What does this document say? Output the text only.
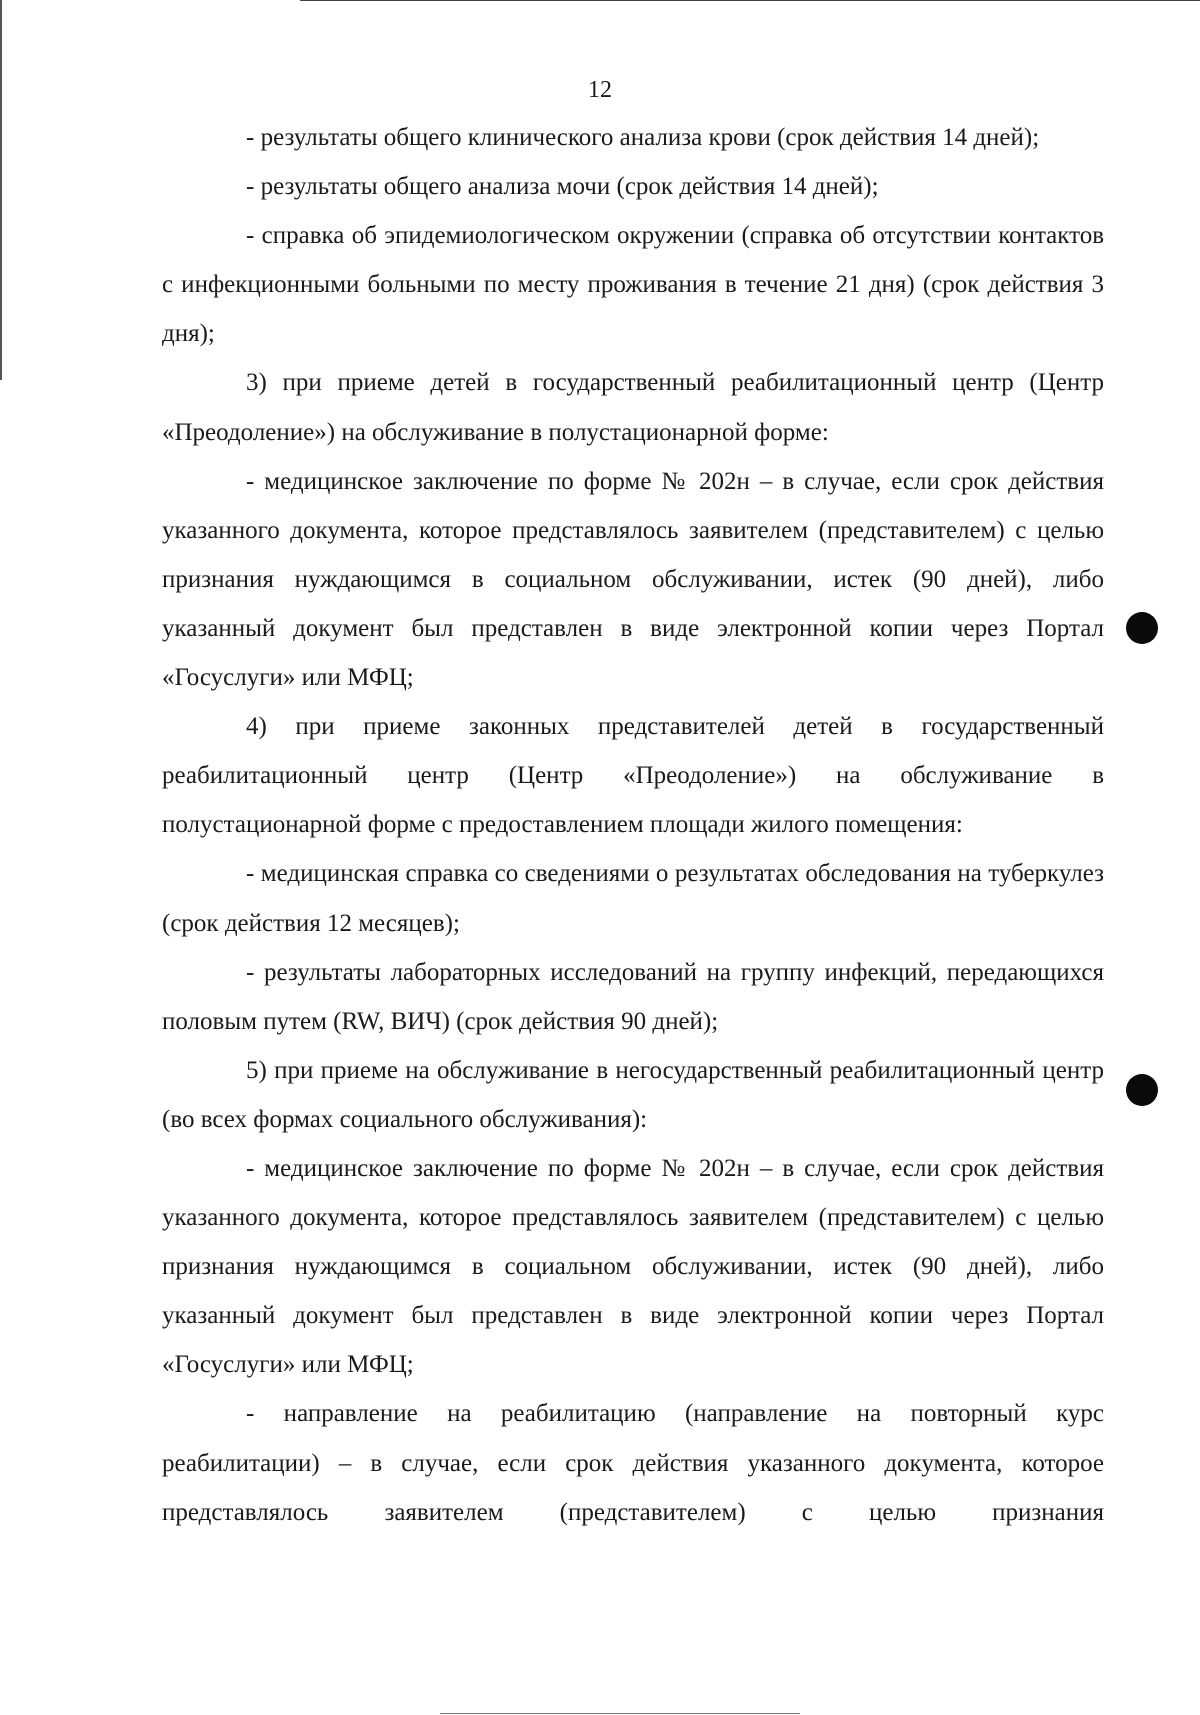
12

- результаты общего клинического анализа крови (срок действия 14 дней);

- результаты общего анализа мочи (срок действия 14 дней);

- справка об эпидемиологическом окружении (справка об отсутствии контактов с инфекционными больными по месту проживания в течение 21 дня) (срок действия 3 дня);

3) при приеме детей в государственный реабилитационный центр (Центр «Преодоление») на обслуживание в полустационарной форме:

- медицинское заключение по форме № 202н – в случае, если срок действия указанного документа, которое представлялось заявителем (представителем) с целью признания нуждающимся в социальном обслуживании, истек (90 дней), либо указанный документ был представлен в виде электронной копии через Портал «Госуслуги» или МФЦ;

4) при приеме законных представителей детей в государственный реабилитационный центр (Центр «Преодоление») на обслуживание в полустационарной форме с предоставлением площади жилого помещения:

- медицинская справка со сведениями о результатах обследования на туберкулез (срок действия 12 месяцев);

- результаты лабораторных исследований на группу инфекций, передающихся половым путем (RW, ВИЧ) (срок действия 90 дней);

5) при приеме на обслуживание в негосударственный реабилитационный центр (во всех формах социального обслуживания):

- медицинское заключение по форме № 202н – в случае, если срок действия указанного документа, которое представлялось заявителем (представителем) с целью признания нуждающимся в социальном обслуживании, истек (90 дней), либо указанный документ был представлен в виде электронной копии через Портал «Госуслуги» или МФЦ;

- направление на реабилитацию (направление на повторный курс реабилитации) – в случае, если срок действия указанного документа, которое представлялось заявителем (представителем) с целью признания
